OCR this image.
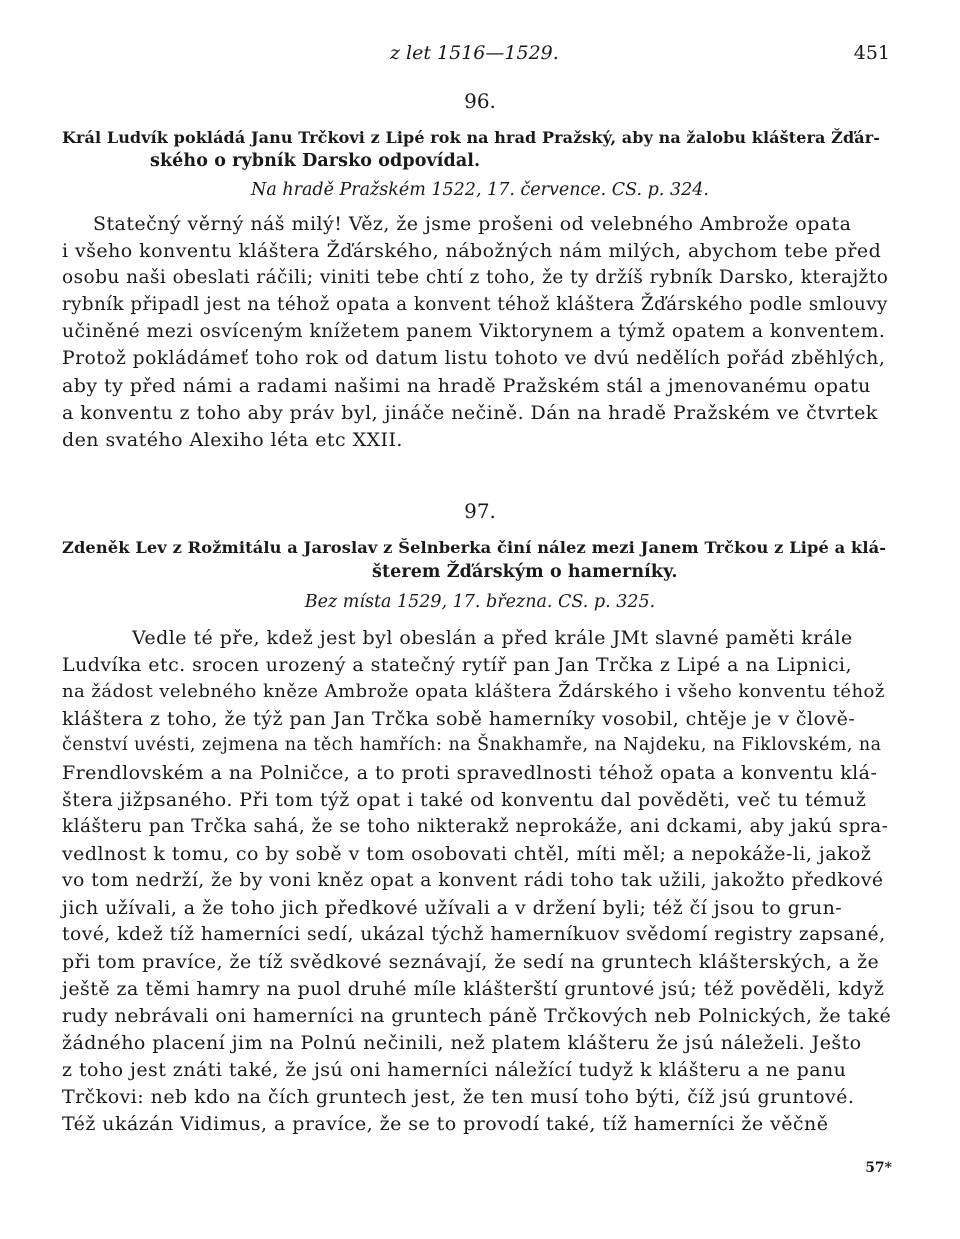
z let 1516—1529.	451
96.
Král Ludvík pokládá Janu Trčkovi z Lipé rok na hrad Pražský, aby na žalobu kláštera Žďár-
ského o rybník Darsko odpovídal.
Na hradě Pražském 1522, 17. července. CS. p. 324.
Statečný věrný náš milý! Věz, že jsme prošeni od velebného Ambrože opata
i všeho konventu kláštera Žďárského, nábožných nám milých, abychom tebe před
osobu naši obeslati ráčili; viniti tebe chtí z toho, že ty držíš rybník Darsko, kterajžto
rybník připadl jest na téhož opata a konvent téhož kláštera Žďárského podle smlouvy
učiněné mezi osvíceným knížetem panem Viktorynem a týmž opatem a konventem.
Protož pokládámeť toho rok od datum listu tohoto ve dvú nedělích pořád zběhlých,
aby ty před námi a radami našimi na hradě Pražském stál a jmenovanému opatu
a konventu z toho aby práv byl, jináče nečině. Dán na hradě Pražském ve čtvrtek
den svatého Alexiho léta etc XXII.
97.
Zdeněk Lev z Rožmitálu a Jaroslav z Šelnberka činí nález mezi Janem Trčkou z Lipé a klá-
šterem Žďárským o hamerníky.
Bez místa 1529, 17. března. CS. p. 325.
Vedle té pře, kdež jest byl obeslán a před krále JMt slavné paměti krále
Ludvíka etc. srocen urozený a statečný rytíř pan Jan Trčka z Lipé a na Lipnici,
na žádost velebného kněze Ambrože opata kláštera Ždárského i všeho konventu téhož
kláštera z toho, že týž pan Jan Trčka sobě hamerníky vosobil, chtěje je v člově-
čenství uvésti, zejmena na těch hamřích: na Šnakhamře, na Najdeku, na Fiklovském, na
Frendlovském a na Polničce, a to proti spravedlnosti téhož opata a konventu klá-
štera jižpsaného. Při tom týž opat i také od konventu dal pověděti, več tu témuž
klášteru pan Trčka sahá, že se toho nikterakž neprokáže, ani dckami, aby jakú spra-
vedlnost k tomu, co by sobě v tom osobovati chtěl, míti měl; a nepokáže-li, jakož
vo tom nedrží, že by voni kněz opat a konvent rádi toho tak užili, jakožto předkové
jich užívali, a že toho jich předkové užívali a v držení byli; též čí jsou to grun-
tové, kdež tíž hamerníci sedí, ukázal týchž hamerníkuov svědomí registry zapsané,
při tom pravíce, že tíž svědkové seznávají, že sedí na gruntech klášterských, a že
ještě za těmi hamry na puol druhé míle klášterští gruntové jsú; též pověděli, když
rudy nebrávali oni hamerníci na gruntech páně Trčkových neb Polnických, že také
žádného placení jim na Polnú nečinili, než platem klášteru že jsú náleželi. Ješto
z toho jest znáti také, že jsú oni hamerníci náležící tudyž k klášteru a ne panu
Trčkovi: neb kdo na čích gruntech jest, že ten musí toho býti, číž jsú gruntové.
Též ukázán Vidimus, a pravíce, že se to provodí také, tíž hamerníci že věčně
57*
